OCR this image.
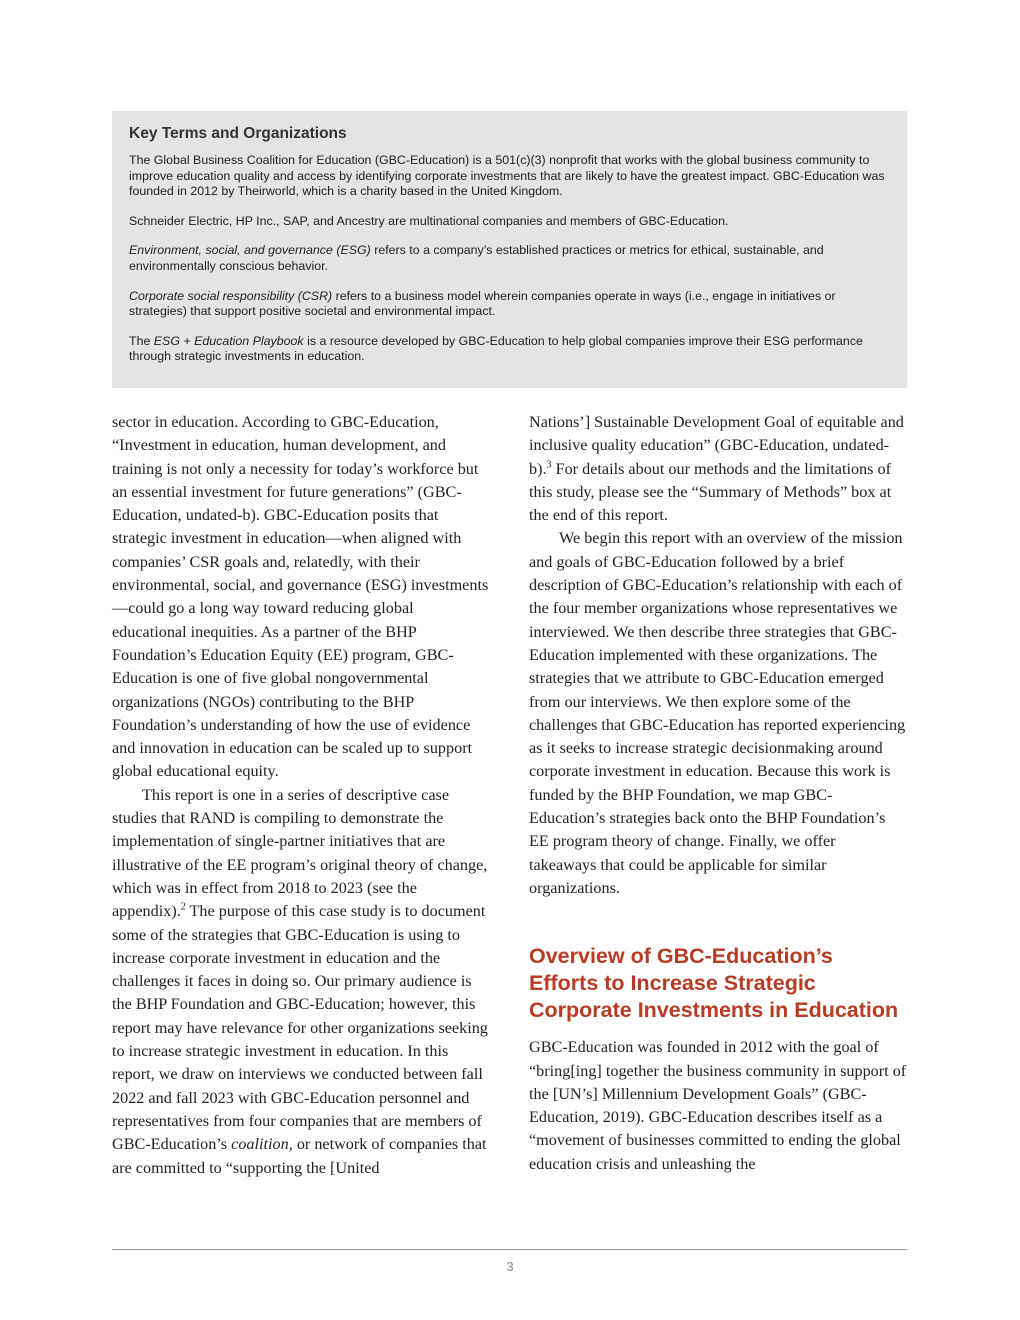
Key Terms and Organizations

The Global Business Coalition for Education (GBC-Education) is a 501(c)(3) nonprofit that works with the global business community to improve education quality and access by identifying corporate investments that are likely to have the greatest impact. GBC-Education was founded in 2012 by Theirworld, which is a charity based in the United Kingdom.

Schneider Electric, HP Inc., SAP, and Ancestry are multinational companies and members of GBC-Education.

Environment, social, and governance (ESG) refers to a company’s established practices or metrics for ethical, sustainable, and environmentally conscious behavior.

Corporate social responsibility (CSR) refers to a business model wherein companies operate in ways (i.e., engage in initiatives or strategies) that support positive societal and environmental impact.

The ESG + Education Playbook is a resource developed by GBC-Education to help global companies improve their ESG performance through strategic investments in education.

sector in education. According to GBC-Education, “Investment in education, human development, and training is not only a necessity for today’s workforce but an essential investment for future generations” (GBC-Education, undated-b). GBC-Education posits that strategic investment in education—when aligned with companies’ CSR goals and, relatedly, with their environmental, social, and governance (ESG) investments—could go a long way toward reducing global educational inequities. As a partner of the BHP Foundation’s Education Equity (EE) program, GBC-Education is one of five global nongovernmental organizations (NGOs) contributing to the BHP Foundation’s understanding of how the use of evidence and innovation in education can be scaled up to support global educational equity.

This report is one in a series of descriptive case studies that RAND is compiling to demonstrate the implementation of single-partner initiatives that are illustrative of the EE program’s original theory of change, which was in effect from 2018 to 2023 (see the appendix).$^2$ The purpose of this case study is to document some of the strategies that GBC-Education is using to increase corporate investment in education and the challenges it faces in doing so. Our primary audience is the BHP Foundation and GBC-Education; however, this report may have relevance for other organizations seeking to increase strategic investment in education. In this report, we draw on interviews we conducted between fall 2022 and fall 2023 with GBC-Education personnel and representatives from four companies that are members of GBC-Education’s coalition, or network of companies that are committed to “supporting the [United

Nations’] Sustainable Development Goal of equitable and inclusive quality education” (GBC-Education, undated-b).$^3$ For details about our methods and the limitations of this study, please see the “Summary of Methods” box at the end of this report.

We begin this report with an overview of the mission and goals of GBC-Education followed by a brief description of GBC-Education’s relationship with each of the four member organizations whose representatives we interviewed. We then describe three strategies that GBC-Education implemented with these organizations. The strategies that we attribute to GBC-Education emerged from our interviews. We then explore some of the challenges that GBC-Education has reported experiencing as it seeks to increase strategic decisionmaking around corporate investment in education. Because this work is funded by the BHP Foundation, we map GBC-Education’s strategies back onto the BHP Foundation’s EE program theory of change. Finally, we offer takeaways that could be applicable for similar organizations.

Overview of GBC-Education’s Efforts to Increase Strategic Corporate Investments in Education

GBC-Education was founded in 2012 with the goal of “bring[ing] together the business community in support of the [UN’s] Millennium Development Goals” (GBC-Education, 2019). GBC-Education describes itself as a “movement of businesses committed to ending the global education crisis and unleashing the

3
